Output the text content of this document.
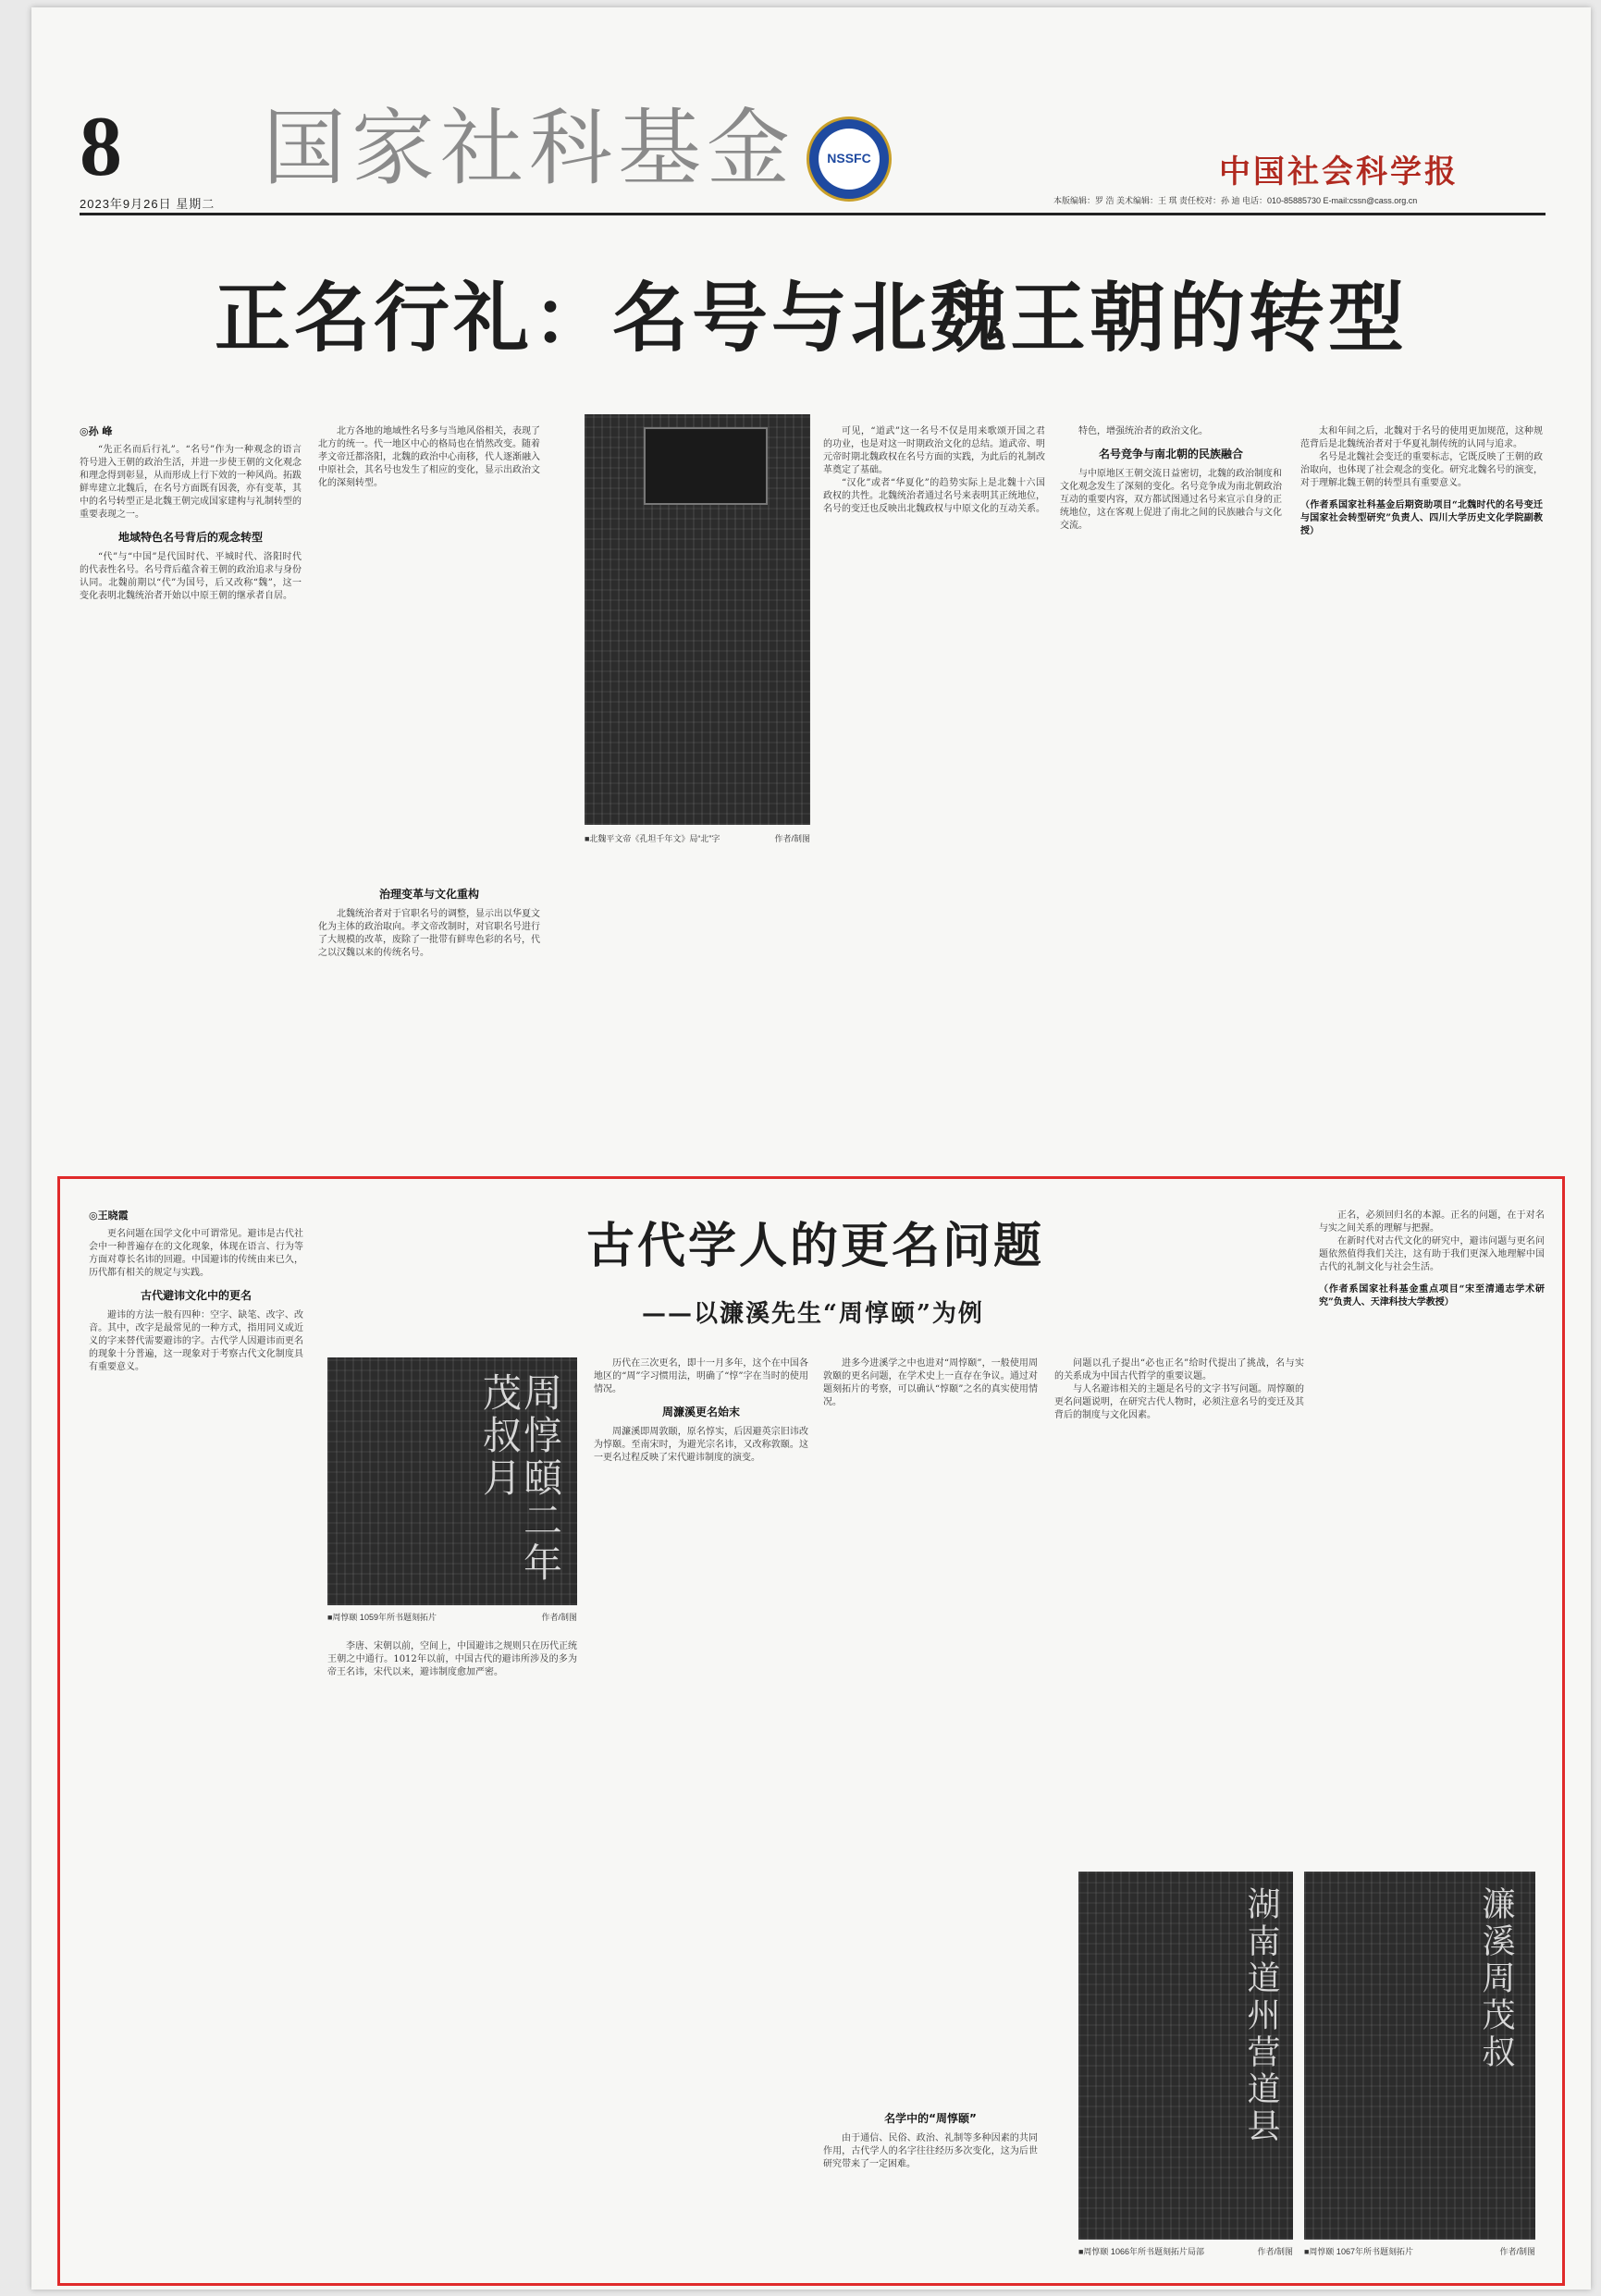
8
2023年9月26日 星期二
国家社科基金	NSSFC	中国社会科学报
本版编辑：罗 浩 美术编辑：王 琪 责任校对：孙 迪 电话：010-85885730 E-mail:cssn@cass.org.cn
正名行礼：名号与北魏王朝的转型
◎孙 峰

“先正名而后行礼”。“名号”作为一种观念的语言符号进入王朝的政治生活，并进一步使王朝的文化观念和理念得到彰显，从而形成上行下效的一种风尚。拓跋鲜卑建立北魏后，在名号方面既有因袭，亦有变革，其中的名号转型正是北魏王朝完成国家建构与礼制转型的重要表现之一。

地域特色名号背后的观念转型

“代”与“中国”是代国时代、平城时代、洛阳时代的代表性名号。名号背后蕴含着王朝的政治追求与身份认同。北魏前期以“代”为国号，后又改称“魏”，这一变化表明北魏统治者开始以中原王朝的继承者自居。

北方各地的地域性名号多与当地风俗相关，表现了北方的统一。代一地区中心的格局也在悄然改变。随着孝文帝迁都洛阳，北魏的政治中心南移，代人逐渐融入中原社会，其名号也发生了相应的变化，显示出政治文化的深刻转型。

治理变革与文化重构

北魏统治者对于官职名号的调整，显示出以华夏文化为主体的政治取向。孝文帝改制时，对官职名号进行了大规模的改革，废除了一批带有鲜卑色彩的名号，代之以汉魏以来的传统名号。

■北魏平文帝《孔坦千年文》局“北”字	作者/制图

可见，“道武”这一名号不仅是用来歌颂开国之君的功业，也是对这一时期政治文化的总结。道武帝、明元帝时期北魏政权在名号方面的实践，为此后的礼制改革奠定了基础。

“汉化”或者“华夏化”的趋势实际上是北魏十六国政权的共性。北魏统治者通过名号来表明其正统地位，名号的变迁也反映出北魏政权与中原文化的互动关系。

特色，增强统治者的政治文化。

名号竞争与南北朝的民族融合

与中原地区王朝交流日益密切，北魏的政治制度和文化观念发生了深刻的变化。名号竞争成为南北朝政治互动的重要内容，双方都试图通过名号来宣示自身的正统地位，这在客观上促进了南北之间的民族融合与文化交流。

太和年间之后，北魏对于名号的使用更加规范，这种规范背后是北魏统治者对于华夏礼制传统的认同与追求。

名号是北魏社会变迁的重要标志，它既反映了王朝的政治取向，也体现了社会观念的变化。研究北魏名号的演变，对于理解北魏王朝的转型具有重要意义。

（作者系国家社科基金后期资助项目“北魏时代的名号变迁与国家社会转型研究”负责人、四川大学历史文化学院副教授）
古代学人的更名问题
——以濂溪先生“周惇颐”为例
◎王晓霞

更名问题在国学文化中可谓常见。避讳是古代社会中一种普遍存在的文化现象，体现在语言、行为等方面对尊长名讳的回避。中国避讳的传统由来已久，历代都有相关的规定与实践。

古代避讳文化中的更名

避讳的方法一般有四种：空字、缺笔、改字、改音。其中，改字是最常见的一种方式，指用同义或近义的字来替代需要避讳的字。古代学人因避讳而更名的现象十分普遍，这一现象对于考察古代文化制度具有重要意义。

周惇頤二年茂叔月
■周惇颐 1059年所书题刻拓片	作者/制图

李唐、宋朝以前，空间上，中国避讳之规则只在历代正统王朝之中通行。1012年以前，中国古代的避讳所涉及的多为帝王名讳，宋代以来，避讳制度愈加严密。

历代在三次更名，即十一月多年，这个在中国各地区的“周”字习惯用法，明确了“惇”字在当时的使用情况。

周濂溪更名始末

周濂溪即周敦颐，原名惇实，后因避英宗旧讳改为惇颐。至南宋时，为避光宗名讳，又改称敦颐。这一更名过程反映了宋代避讳制度的演变。

进多今进溪学之中也进对“周惇颐”，一般使用周敦颐的更名问题，在学术史上一直存在争议。通过对题刻拓片的考察，可以确认“惇颐”之名的真实使用情况。

名学中的“周惇颐”

由于通信、民俗、政治、礼制等多种因素的共同作用，古代学人的名字往往经历多次变化，这为后世研究带来了一定困难。

问题以孔子提出“必也正名”给时代提出了挑战，名与实的关系成为中国古代哲学的重要议题。

与人名避讳相关的主题是名号的文字书写问题。周惇颐的更名问题说明，在研究古代人物时，必须注意名号的变迁及其背后的制度与文化因素。

正名，必须回归名的本源。正名的问题，在于对名与实之间关系的理解与把握。

在新时代对古代文化的研究中，避讳问题与更名问题依然值得我们关注，这有助于我们更深入地理解中国古代的礼制文化与社会生活。

（作者系国家社科基金重点项目“宋至清通志学术研究”负责人、天津科技大学教授）
湖南道州营道县
■周惇颐 1066年所书题刻拓片局部	作者/制图
濂溪周茂叔
■周惇颐 1067年所书题刻拓片	作者/制图
